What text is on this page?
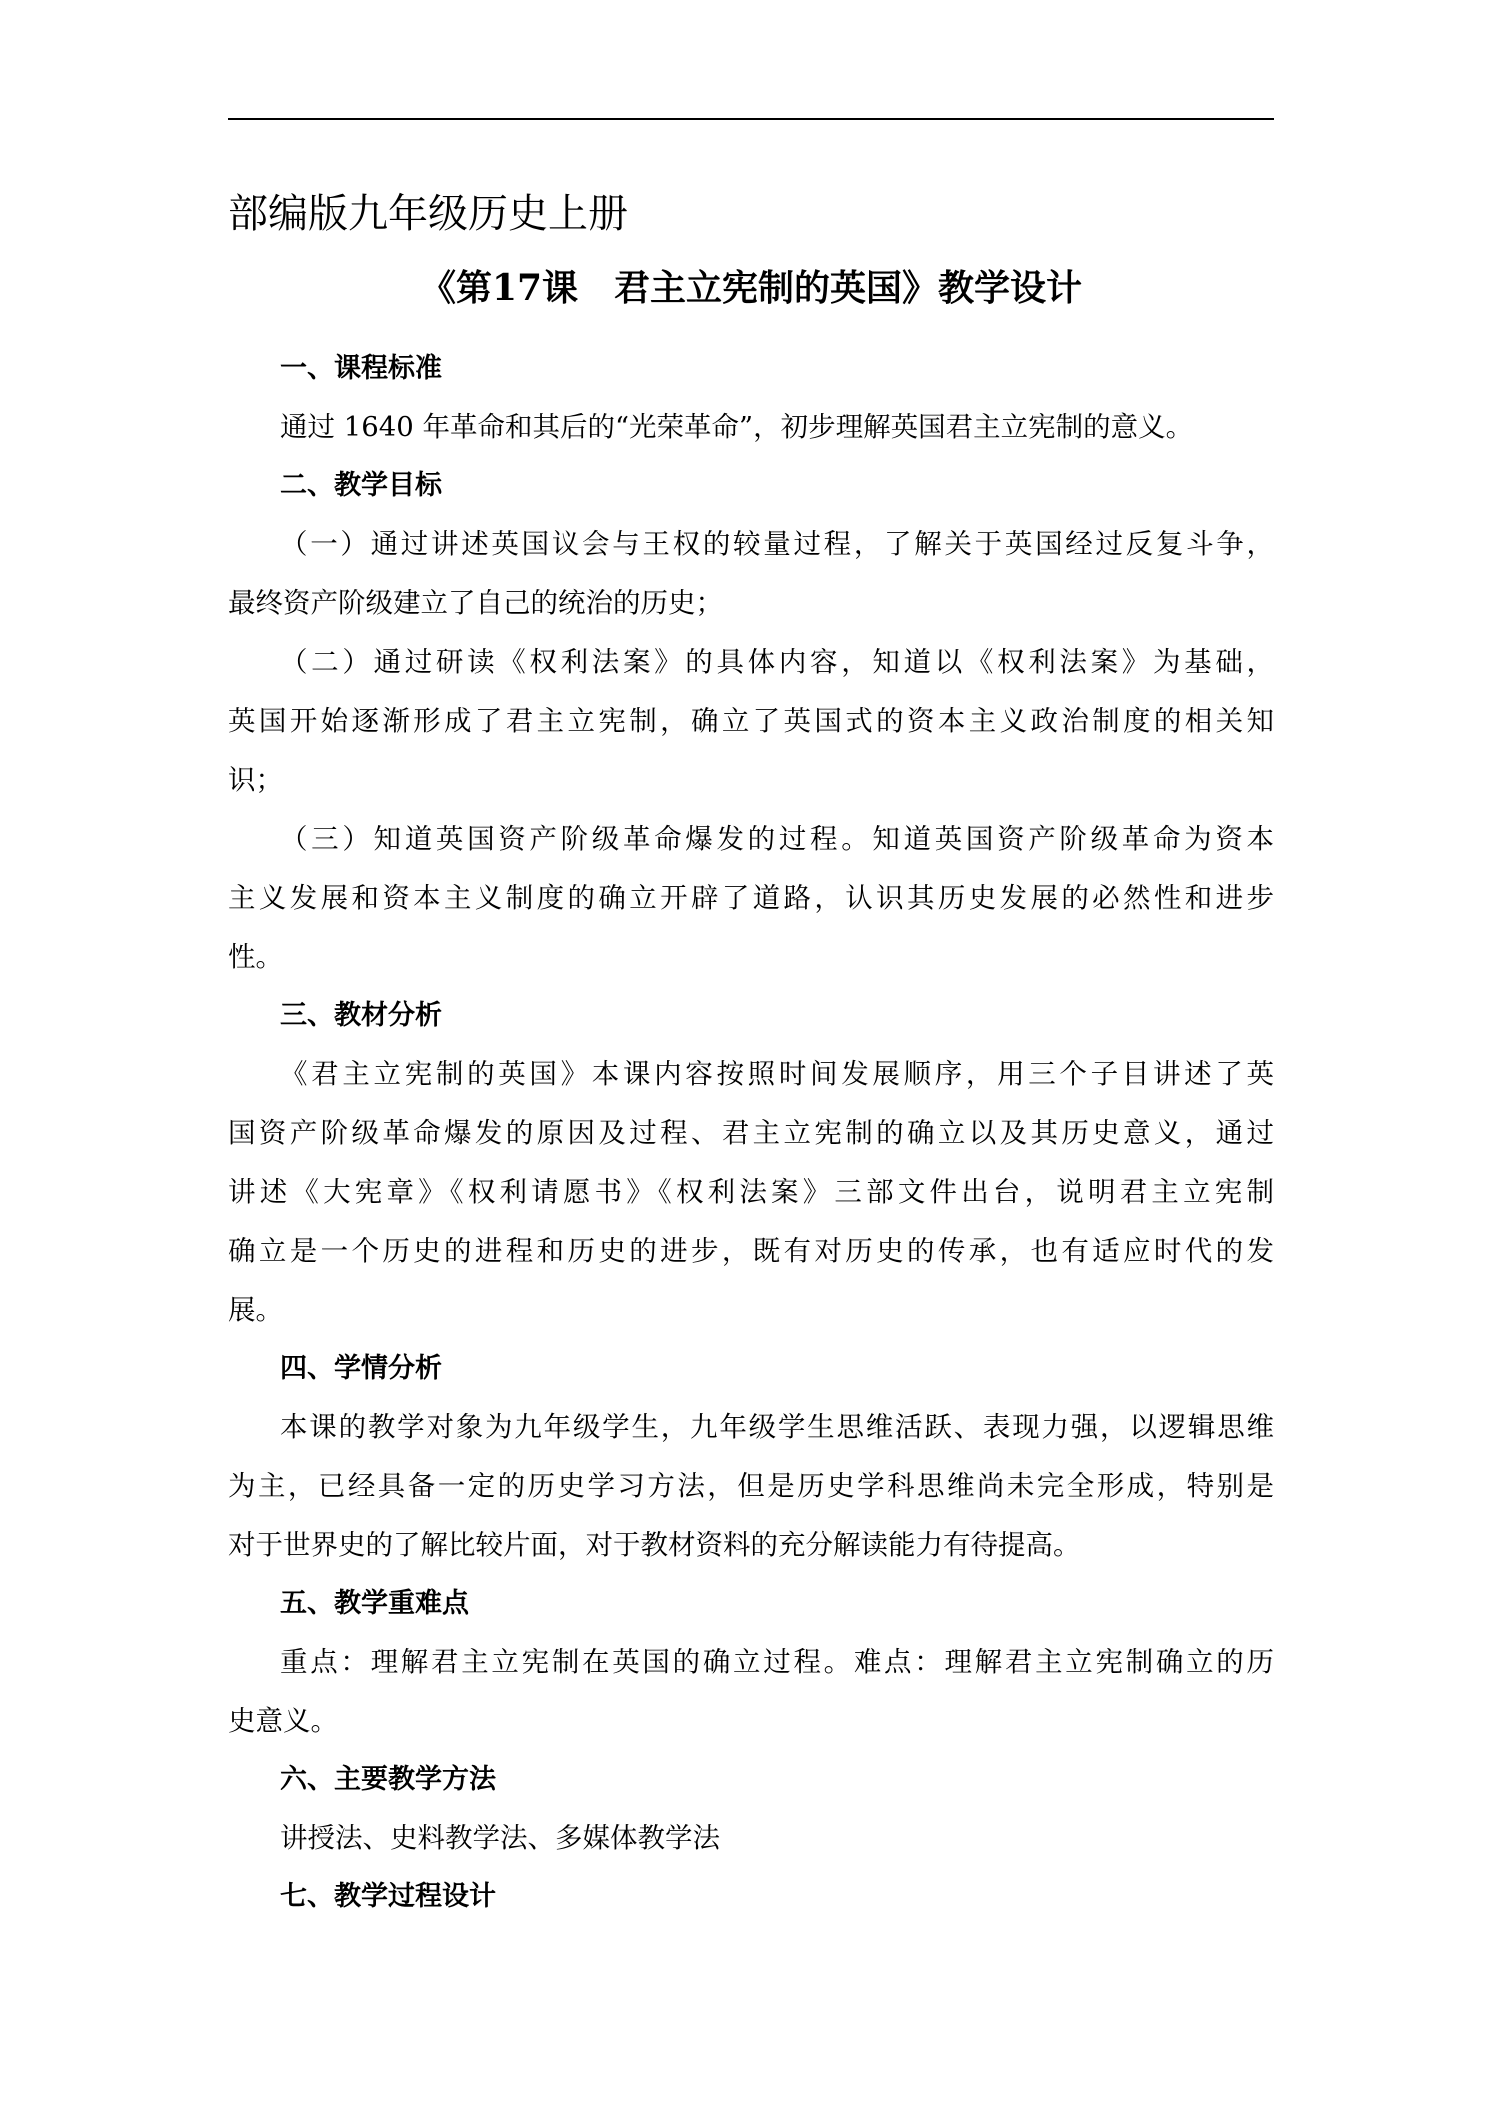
部编版九年级历史上册
《第17课　君主立宪制的英国》教学设计
一、课程标准
通过 1640 年革命和其后的“光荣革命”，初步理解英国君主立宪制的意义。
二、教学目标
（一）通过讲述英国议会与王权的较量过程，了解关于英国经过反复斗争，
最终资产阶级建立了自己的统治的历史；
（二）通过研读《权利法案》的具体内容，知道以《权利法案》为基础，
英国开始逐渐形成了君主立宪制，确立了英国式的资本主义政治制度的相关知
识；
（三）知道英国资产阶级革命爆发的过程。知道英国资产阶级革命为资本
主义发展和资本主义制度的确立开辟了道路，认识其历史发展的必然性和进步
性。
三、教材分析
《君主立宪制的英国》本课内容按照时间发展顺序，用三个子目讲述了英
国资产阶级革命爆发的原因及过程、君主立宪制的确立以及其历史意义，通过
讲述《大宪章》《权利请愿书》《权利法案》三部文件出台，说明君主立宪制
确立是一个历史的进程和历史的进步，既有对历史的传承，也有适应时代的发
展。
四、学情分析
本课的教学对象为九年级学生，九年级学生思维活跃、表现力强，以逻辑思维
为主，已经具备一定的历史学习方法，但是历史学科思维尚未完全形成，特别是
对于世界史的了解比较片面，对于教材资料的充分解读能力有待提高。
五、教学重难点
重点：理解君主立宪制在英国的确立过程。难点：理解君主立宪制确立的历
史意义。
六、主要教学方法
讲授法、史料教学法、多媒体教学法
七、教学过程设计
